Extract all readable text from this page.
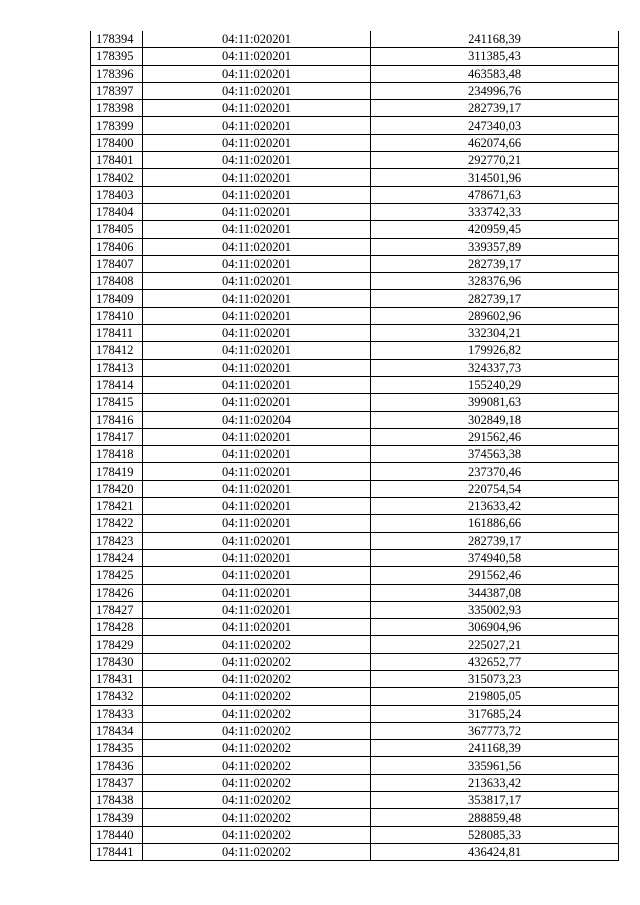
178394	04:11:020201	241168,39
178395	04:11:020201	311385,43
178396	04:11:020201	463583,48
178397	04:11:020201	234996,76
178398	04:11:020201	282739,17
178399	04:11:020201	247340,03
178400	04:11:020201	462074,66
178401	04:11:020201	292770,21
178402	04:11:020201	314501,96
178403	04:11:020201	478671,63
178404	04:11:020201	333742,33
178405	04:11:020201	420959,45
178406	04:11:020201	339357,89
178407	04:11:020201	282739,17
178408	04:11:020201	328376,96
178409	04:11:020201	282739,17
178410	04:11:020201	289602,96
178411	04:11:020201	332304,21
178412	04:11:020201	179926,82
178413	04:11:020201	324337,73
178414	04:11:020201	155240,29
178415	04:11:020201	399081,63
178416	04:11:020204	302849,18
178417	04:11:020201	291562,46
178418	04:11:020201	374563,38
178419	04:11:020201	237370,46
178420	04:11:020201	220754,54
178421	04:11:020201	213633,42
178422	04:11:020201	161886,66
178423	04:11:020201	282739,17
178424	04:11:020201	374940,58
178425	04:11:020201	291562,46
178426	04:11:020201	344387,08
178427	04:11:020201	335002,93
178428	04:11:020201	306904,96
178429	04:11:020202	225027,21
178430	04:11:020202	432652,77
178431	04:11:020202	315073,23
178432	04:11:020202	219805,05
178433	04:11:020202	317685,24
178434	04:11:020202	367773,72
178435	04:11:020202	241168,39
178436	04:11:020202	335961,56
178437	04:11:020202	213633,42
178438	04:11:020202	353817,17
178439	04:11:020202	288859,48
178440	04:11:020202	528085,33
178441	04:11:020202	436424,81
